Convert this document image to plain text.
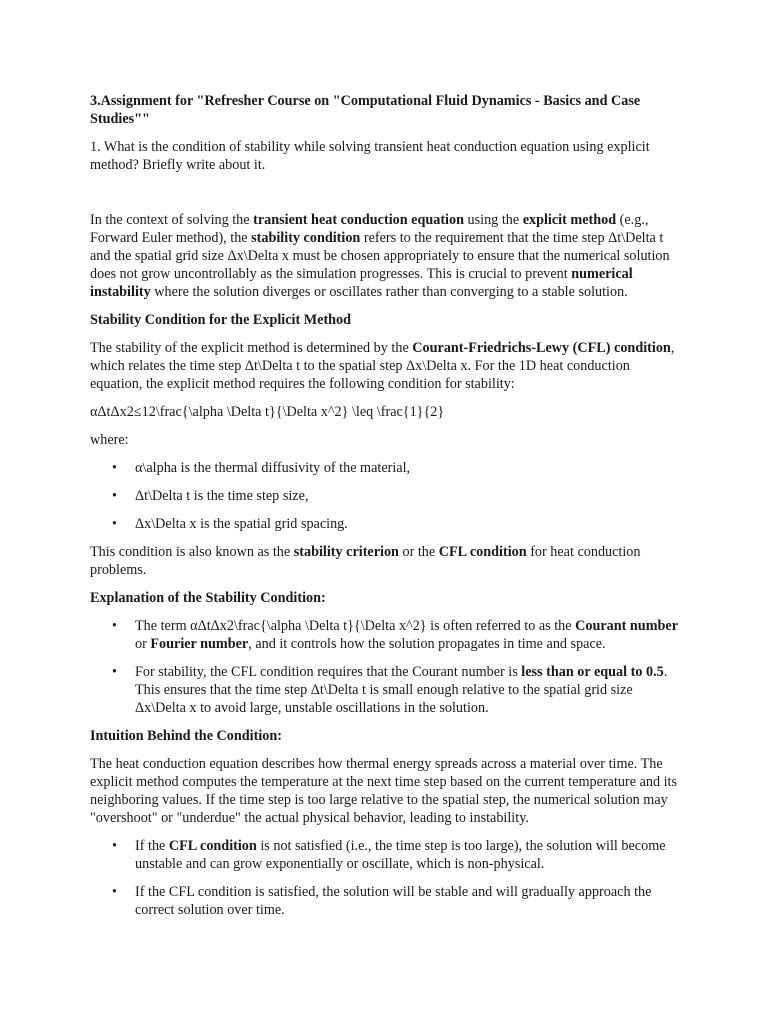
3.Assignment for "Refresher Course on "Computational Fluid Dynamics - Basics and Case Studies""

1. What is the condition of stability while solving transient heat conduction equation using explicit method? Briefly write about it.

In the context of solving the transient heat conduction equation using the explicit method (e.g., Forward Euler method), the stability condition refers to the requirement that the time step Δt\Delta t and the spatial grid size Δx\Delta x must be chosen appropriately to ensure that the numerical solution does not grow uncontrollably as the simulation progresses. This is crucial to prevent numerical instability where the solution diverges or oscillates rather than converging to a stable solution.

Stability Condition for the Explicit Method

The stability of the explicit method is determined by the Courant-Friedrichs-Lewy (CFL) condition, which relates the time step Δt\Delta t to the spatial step Δx\Delta x. For the 1D heat conduction equation, the explicit method requires the following condition for stability:

αΔtΔx2≤12\frac{\alpha \Delta t}{\Delta x^2} \leq \frac{1}{2}

where:

• α\alpha is the thermal diffusivity of the material,
• Δt\Delta t is the time step size,
• Δx\Delta x is the spatial grid spacing.

This condition is also known as the stability criterion or the CFL condition for heat conduction problems.

Explanation of the Stability Condition:

• The term αΔtΔx2\frac{\alpha \Delta t}{\Delta x^2} is often referred to as the Courant number or Fourier number, and it controls how the solution propagates in time and space.
• For stability, the CFL condition requires that the Courant number is less than or equal to 0.5. This ensures that the time step Δt\Delta t is small enough relative to the spatial grid size Δx\Delta x to avoid large, unstable oscillations in the solution.

Intuition Behind the Condition:

The heat conduction equation describes how thermal energy spreads across a material over time. The explicit method computes the temperature at the next time step based on the current temperature and its neighboring values. If the time step is too large relative to the spatial step, the numerical solution may "overshoot" or "underdue" the actual physical behavior, leading to instability.

• If the CFL condition is not satisfied (i.e., the time step is too large), the solution will become unstable and can grow exponentially or oscillate, which is non-physical.
• If the CFL condition is satisfied, the solution will be stable and will gradually approach the correct solution over time.
